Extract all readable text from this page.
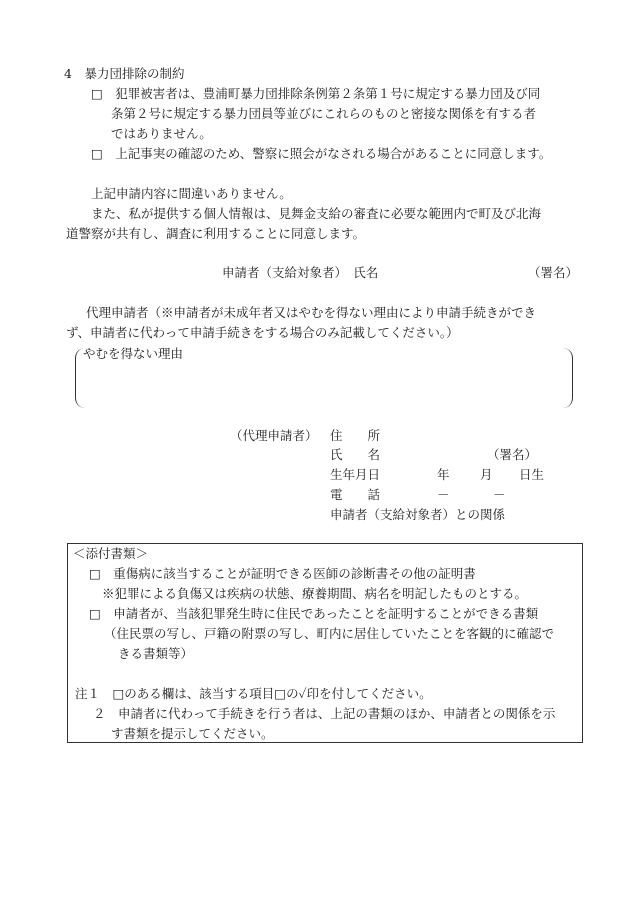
4　暴力団排除の制約
□　犯罪被害者は、豊浦町暴力団排除条例第２条第１号に規定する暴力団及び同
条第２号に規定する暴力団員等並びにこれらのものと密接な関係を有する者
ではありません。
□　上記事実の確認のため、警察に照会がなされる場合があることに同意します。
上記申請内容に間違いありません。
また、私が提供する個人情報は、見舞金支給の審査に必要な範囲内で町及び北海
道警察が共有し、調査に利用することに同意します。
申請者（支給対象者）　氏名	（署名）
代理申請者（※申請者が未成年者又はやむを得ない理由により申請手続きができ
ず、申請者に代わって申請手続きをする場合のみ記載してください。）
やむを得ない理由
（代理申請者） 住　　所
氏　　名	（署名）
生年月日	年 月 日生
電　　話	－	－
申請者（支給対象者）との関係
＜添付書類＞
□　重傷病に該当することが証明できる医師の診断書その他の証明書
※犯罪による負傷又は疾病の状態、療養期間、病名を明記したものとする。
□　申請者が、当該犯罪発生時に住民であったことを証明することができる書類
（住民票の写し、戸籍の附票の写し、町内に居住していたことを客観的に確認で
きる書類等）
注１　□のある欄は、該当する項目□の✓印を付してください。
２　申請者に代わって手続きを行う者は、上記の書類のほか、申請者との関係を示
す書類を提示してください。
